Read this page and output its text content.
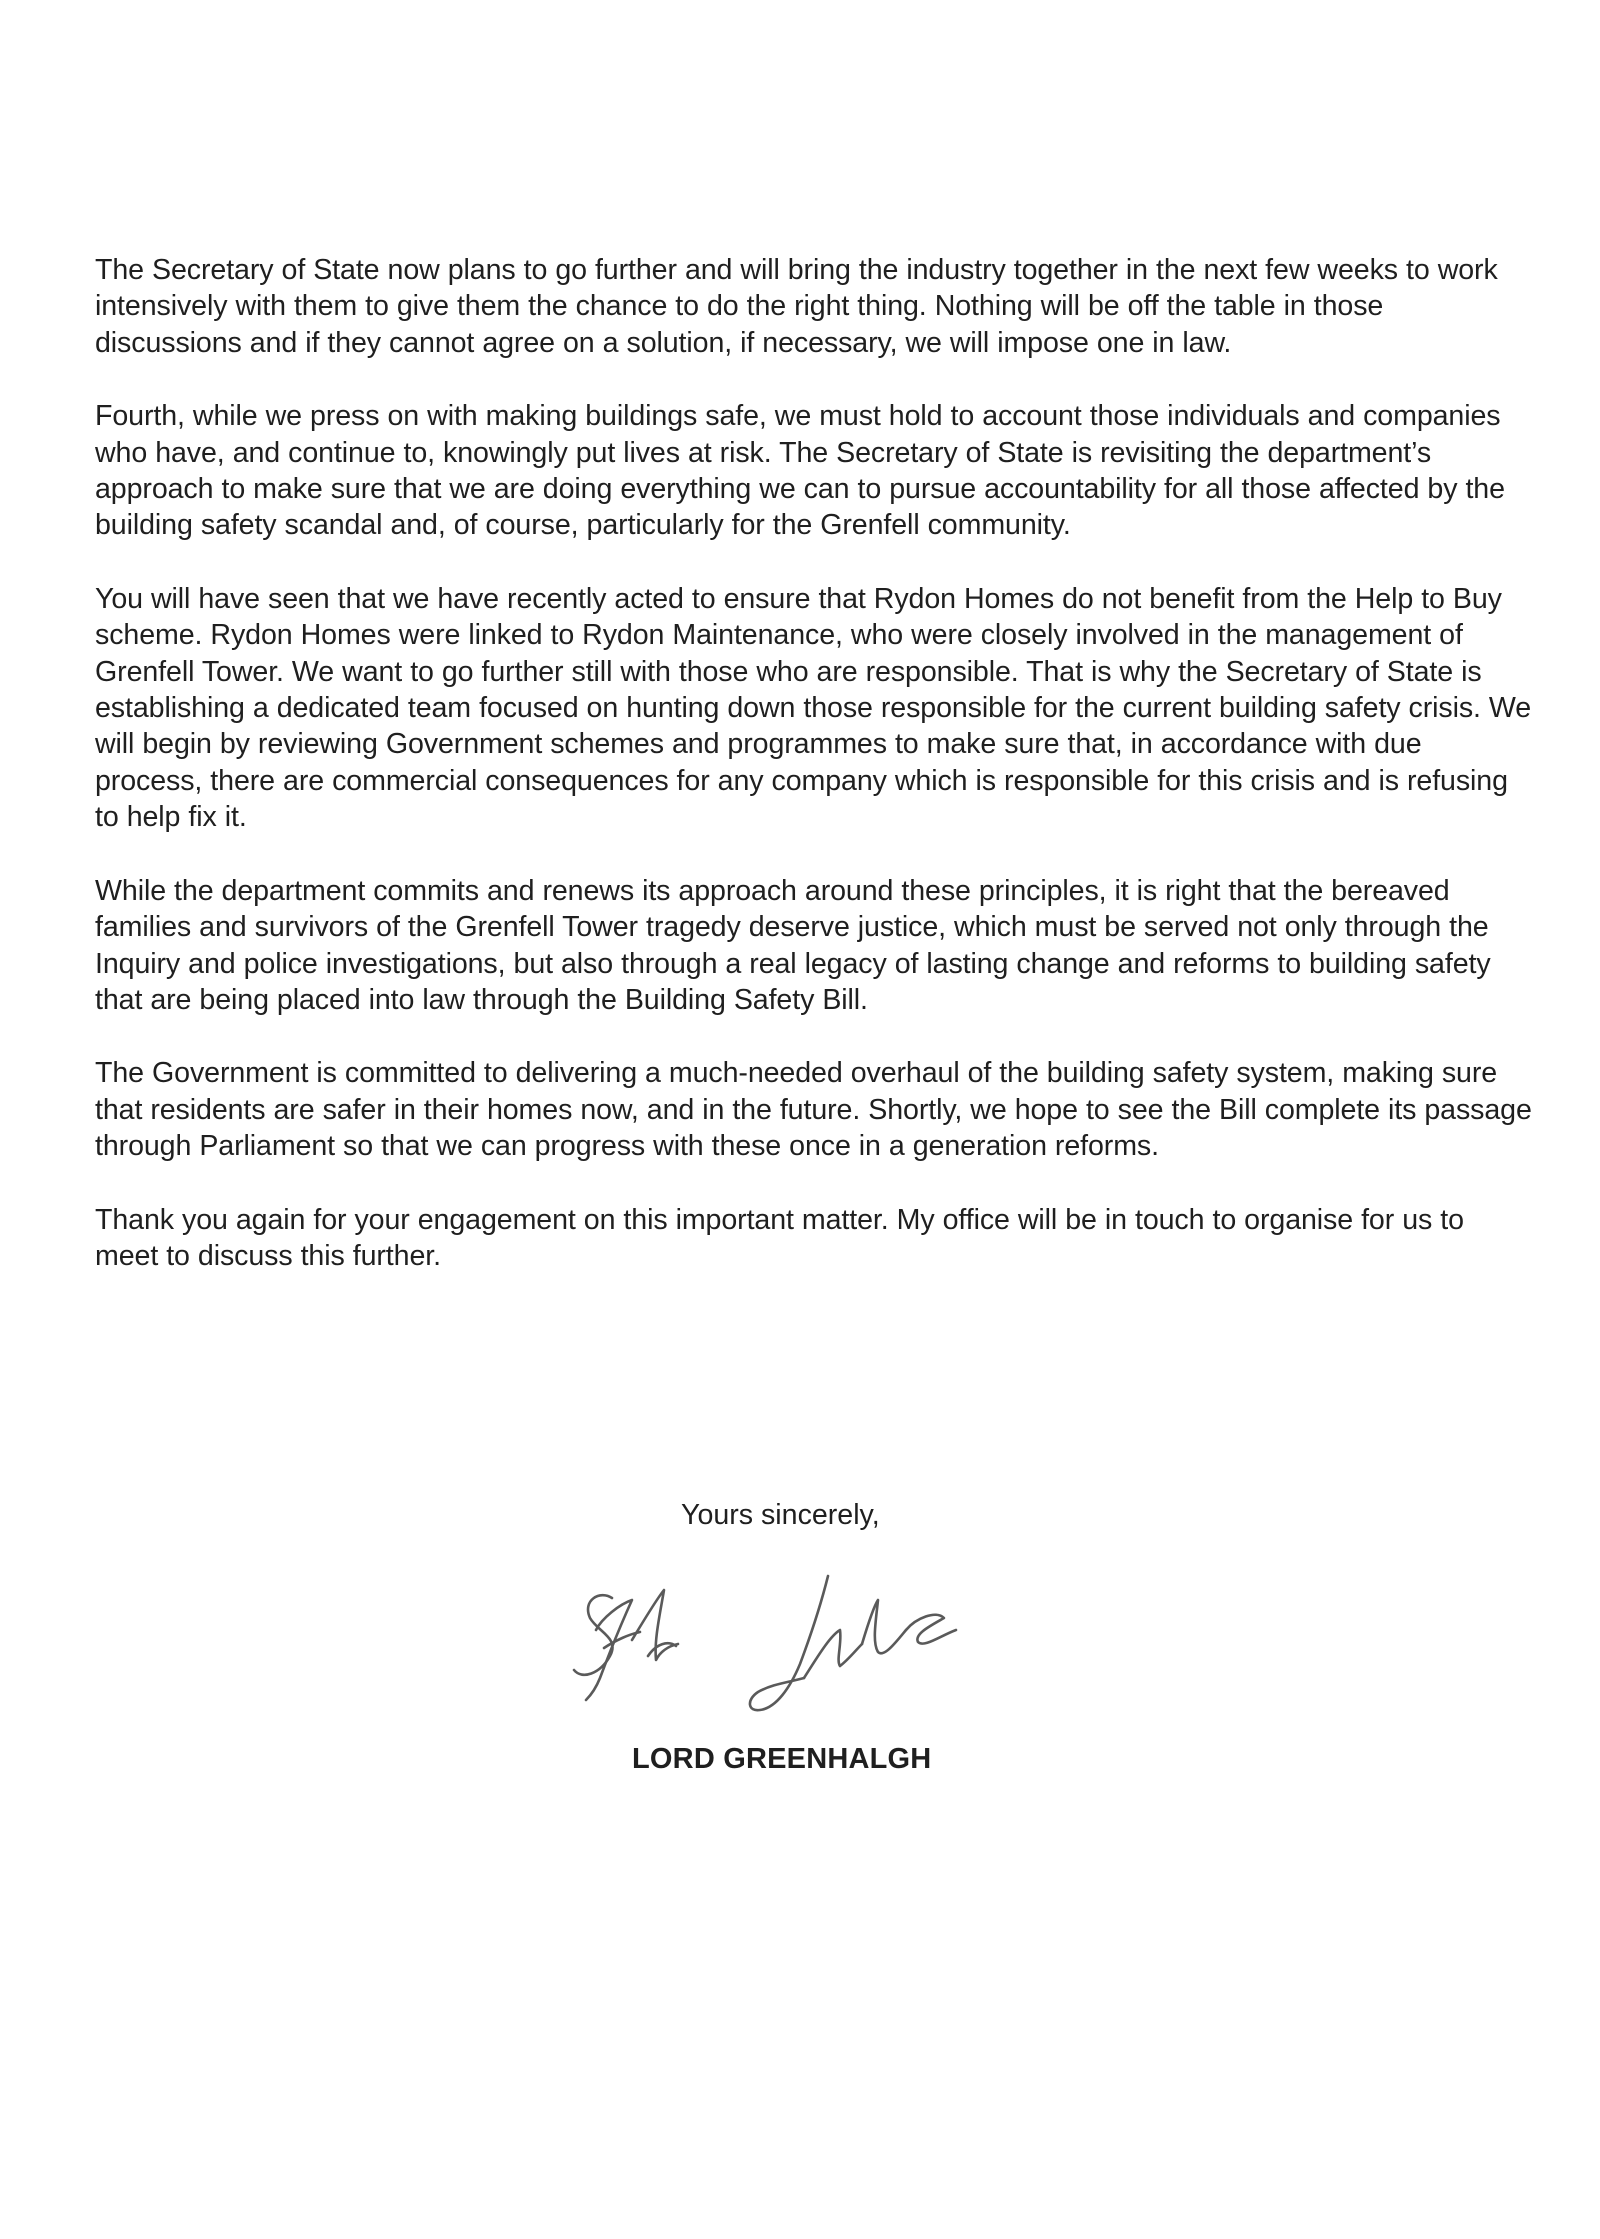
The Secretary of State now plans to go further and will bring the industry together in the next few weeks to work intensively with them to give them the chance to do the right thing. Nothing will be off the table in those discussions and if they cannot agree on a solution, if necessary, we will impose one in law.

Fourth, while we press on with making buildings safe, we must hold to account those individuals and companies who have, and continue to, knowingly put lives at risk. The Secretary of State is revisiting the department’s approach to make sure that we are doing everything we can to pursue accountability for all those affected by the building safety scandal and, of course, particularly for the Grenfell community.

You will have seen that we have recently acted to ensure that Rydon Homes do not benefit from the Help to Buy scheme. Rydon Homes were linked to Rydon Maintenance, who were closely involved in the management of Grenfell Tower. We want to go further still with those who are responsible. That is why the Secretary of State is establishing a dedicated team focused on hunting down those responsible for the current building safety crisis. We will begin by reviewing Government schemes and programmes to make sure that, in accordance with due process, there are commercial consequences for any company which is responsible for this crisis and is refusing to help fix it.

While the department commits and renews its approach around these principles, it is right that the bereaved families and survivors of the Grenfell Tower tragedy deserve justice, which must be served not only through the Inquiry and police investigations, but also through a real legacy of lasting change and reforms to building safety that are being placed into law through the Building Safety Bill.

The Government is committed to delivering a much-needed overhaul of the building safety system, making sure that residents are safer in their homes now, and in the future. Shortly, we hope to see the Bill complete its passage through Parliament so that we can progress with these once in a generation reforms.

Thank you again for your engagement on this important matter. My office will be in touch to organise for us to meet to discuss this further.

Yours sincerely,

LORD GREENHALGH
